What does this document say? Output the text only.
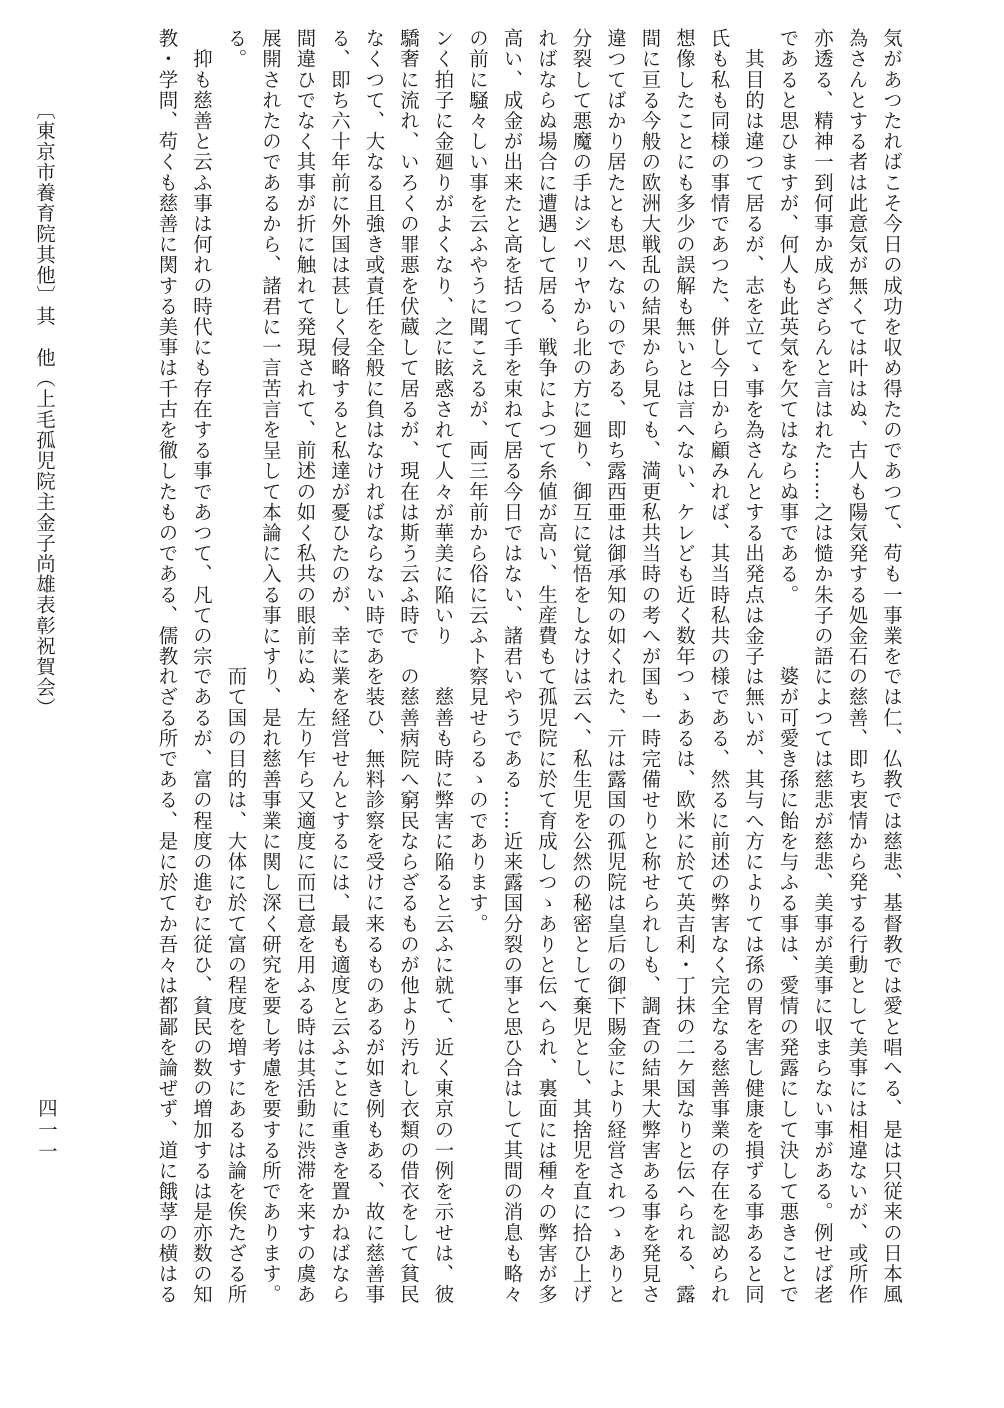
気があつたればこそ今日の成功を収め得たのであつて、苟も一事業を
為さんとする者は此意気が無くては叶はぬ、古人も陽気発する処金石
亦透る、精神一到何事か成らざらんと言はれた……之は慥か朱子の語
であると思ひますが、何人も此英気を欠てはならぬ事である。
　其目的は違つて居るが、志を立てゝ事を為さんとする出発点は金子
氏も私も同様の事情であつた、併し今日から顧みれば、其当時私共の
想像したことにも多少の誤解も無いとは言へない、ケレども近く数年
間に亘る今般の欧洲大戦乱の結果から見ても、満更私共当時の考へが
違つてばかり居たとも思へないのである、即ち露西亜は御承知の如く
分裂して悪魔の手はシベリヤから北の方に廻り、御互に覚悟をしなけ
ればならぬ場合に遭遇して居る、戦争によつて糸値が高い、生産費も
高い、成金が出来たと高を括つて手を束ねて居る今日ではない、諸君
の前に騒々しい事を云ふやうに聞こえるが、両三年前から俗に云ふト
ンく拍子に金廻りがよくなり、之に眩惑されて人々が華美に陥いり
驕奢に流れ、いろくの罪悪を伏蔵して居るが、現在は斯う云ふ時で
なくつて、大なる且強き或責任を全般に負はなければならない時であ
る、即ち六十年前に外国は甚しく侵略すると私達が憂ひたのが、幸に
間違ひでなく其事が折に触れて発現されて、前述の如く私共の眼前に
展開されたのであるから、諸君に一言苦言を呈して本論に入る事にす
る。
　抑も慈善と云ふ事は何れの時代にも存在する事であつて、凡ての宗
教・学問、苟くも慈善に関する美事は千古を徹したものである、儒教
では仁、仏教では慈悲、基督教では愛と唱へる、是は只従来の日本風
の慈善、即ち衷情から発する行動として美事には相違ないが、或所作
によつては慈悲が慈悲、美事が美事に収まらない事がある。例せば老
婆が可愛き孫に飴を与ふる事は、愛情の発露にして決して悪きことで
は無いが、其与へ方によりては孫の胃を害し健康を損ずる事あると同
様である、然るに前述の弊害なく完全なる慈善事業の存在を認められ
つゝあるは、欧米に於て英吉利・丁抹の二ケ国なりと伝へられる、露
国も一時完備せりと称せられしも、調査の結果大弊害ある事を発見さ
れた、亓は露国の孤児院は皇后の御下賜金により経営されつゝありと
は云へ、私生児を公然の秘密として棄児とし、其捨児を直に拾ひ上げ
て孤児院に於て育成しつゝありと伝へられ、裏面には種々の弊害が多
いやうである……近来露国分裂の事と思ひ合はして其間の消息も略々
察見せらるゝのであります。
　慈善も時に弊害に陥ると云ふに就て、近く東京の一例を示せは、彼
の慈善病院へ窮民ならざるものが他より汚れし衣類の借衣をして貧民
を装ひ、無料診察を受けに来るものあるが如き例もある、故に慈善事
業を経営せんとするには、最も適度と云ふことに重きを置かねばなら
ぬ、左り乍ら又適度に而已意を用ふる時は其活動に渋滞を来すの虞あ
り、是れ慈善事業に関し深く研究を要し考慮を要する所であります。
而て国の目的は、大体に於て富の程度を増すにあるは論を俟たざる所
であるが、富の程度の進むに従ひ、貧民の数の増加するは是亦数の知
れざる所である、是に於てか吾々は都鄙を論ぜず、道に餓莩の横はる
〔東京市養育院其他〕
其　他
（上毛孤児院主金子尚雄表彰祝賀会）
四一一
